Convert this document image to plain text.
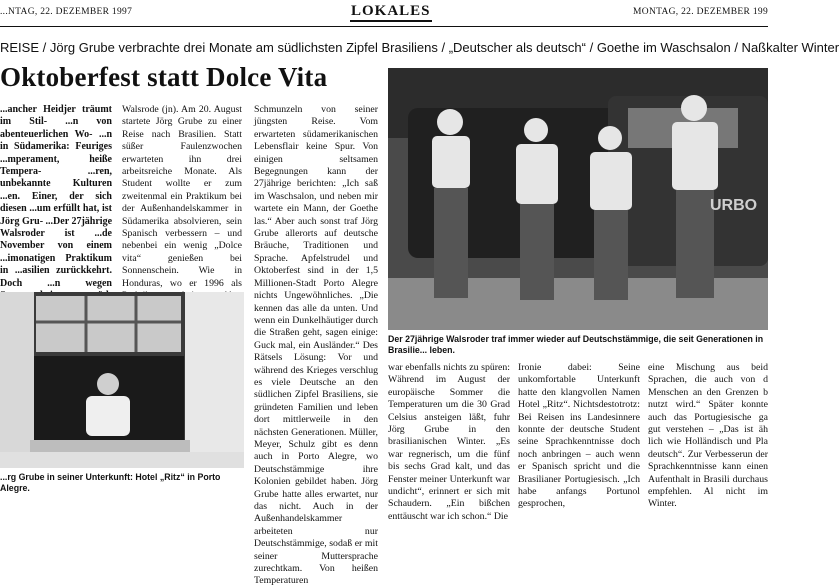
...NTAG, 22. DEZEMBER 1997	LOKALES	MONTAG, 22. DEZEMBER 199
REISE / Jörg Grube verbrachte drei Monate am südlichsten Zipfel Brasiliens / „Deutscher als deutsch“ / Goethe im Waschsalon / Naßkalter Winter
Oktoberfest statt Dolce Vita
...ancher Heidjer träumt im Stil- ...n von abenteuerlichen Wo- ...n in Südamerika: Feuriges ...mperament, heiße Tempera- ...ren, unbekannte Kulturen ...en. Einer, der sich diesen ...um erfüllt hat, ist Jörg Gru- ...Der 27jährige Walsroder ist ...de November von einem ...imonatigen Praktikum in ...asilien zurückkehrt. Doch ...n wegen
Walsrode (jn). Am 20. August startete Jörg Grube zu einer Reise nach Brasilien. Statt süßer Faulenzwochen erwarteten ihn drei arbeitsreiche Monate. Als Student wollte er zum zweitenmal ein Praktikum bei der Außenhandelskammer in Südamerika absolvieren, sein Spanisch verbessern – und nebenbei ein wenig „Dolce vita“ genießen bei Sonnenschein. Wie in Honduras, wo er 1996 als
Schmunzeln von seiner jüngsten Reise. Vom erwarteten südamerikanischen Lebensflair keine Spur. Von einigen seltsamen Begegnungen kann der 27jährige berichten: „Ich saß im Waschsalon, und neben mir wartete ein Mann, der Goethe las.“ Aber auch sonst traf Jörg Grube allerorts auf deutsche Bräuche, Traditionen und Sprache. Apfelstrudel und Oktoberfest sind in der 1,5 Millionen-Stadt Porto Alegre nichts Ungewöhnliches. „Die kennen das alle da unten. Und wenn ein Dunkelhäutiger durch die Straßen geht, sagen einige: Guck mal, ein Ausländer.“ Des Rätsels Lösung: Vor und während des Krieges verschlug es viele Deutsche an den südlichen Zipfel Brasiliens, sie gründeten Familien und leben dort mittlerweile in den nächsten Generationen. Müller, Meyer, Schulz gibt es denn auch in Porto Alegre, wo Deutschstämmige ihre Kolonien gebildet haben. Jörg Grube hatte alles erwartet, nur das nicht. Auch in der Außenhandelskammer arbeiteten nur Deutschstämmige, sodaß er mit seiner Muttersprache zurechtkam. Von heißen Temperaturen
...rg Grube in seiner Unterkunft: Hotel „Ritz“ in Porto Alegre.
URBO
Der 27jährige Walsroder traf immer wieder auf Deutschstämmige, die seit Generationen in Brasilie... leben.
war ebenfalls nichts zu spüren: Während im August der europäische Sommer die Temperaturen um die 30 Grad Celsius ansteigen läßt, fuhr Jörg Grube in den brasilianischen Winter. „Es war regnerisch, um die fünf bis sechs Grad kalt, und das Fenster meiner Unterkunft war undicht“, erinnert er sich mit Schaudern. „Ein bißchen enttäuscht war ich schon.“ Die
Ironie dabei: Seine unkomfortable Unterkunft hatte den klangvollen Namen Hotel „Ritz“. Nichtsdestotrotz: Bei Reisen ins Landesinnere konnte der deutsche Student seine Sprachkenntnisse doch noch anbringen – auch wenn er Spanisch spricht und die Brasilianer Portugiesisch. „Ich habe anfangs Portunol gesprochen,
eine Mischung aus beid Sprachen, die auch von d Menschen an den Grenzen b nutzt wird.“ Später konnte auch das Portugiesische ga gut verstehen – „Das ist äh lich wie Holländisch und Pla deutsch“. Zur Verbesserun der Sprachkenntnisse kann einen Aufenthalt in Brasili durchaus empfehlen. Al nicht im Winter.
